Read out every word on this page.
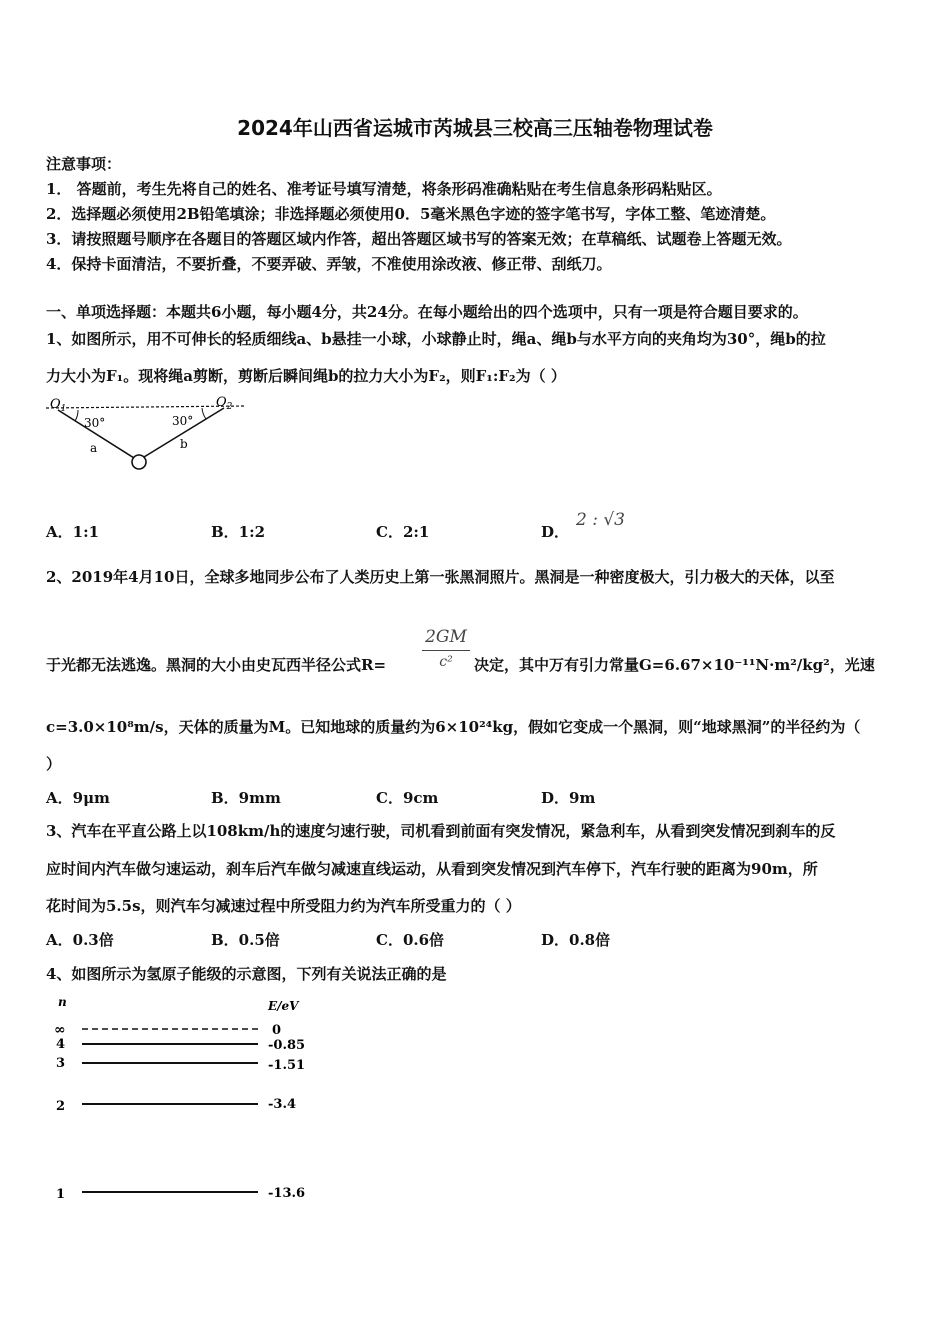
2024年山西省运城市芮城县三校高三压轴卷物理试卷
注意事项：
1． 答题前，考生先将自己的姓名、准考证号填写清楚，将条形码准确粘贴在考生信息条形码粘贴区。
2．选择题必须使用2B铅笔填涂；非选择题必须使用0．5毫米黑色字迹的签字笔书写，字体工整、笔迹清楚。
3．请按照题号顺序在各题目的答题区域内作答，超出答题区域书写的答案无效；在草稿纸、试题卷上答题无效。
4．保持卡面清洁，不要折叠，不要弄破、弄皱，不准使用涂改液、修正带、刮纸刀。
一、单项选择题：本题共6小题，每小题4分，共24分。在每小题给出的四个选项中，只有一项是符合题目要求的。
1、如图所示，用不可伸长的轻质细线a、b悬挂一小球，小球静止时，绳a、绳b与水平方向的夹角均为30°，绳b的拉
力大小为F₁。现将绳a剪断，剪断后瞬间绳b的拉力大小为F₂，则F₁:F₂为（ ）
$O_1$	$O_2$
30°	30°
a	b
A．1:1	B．1:2	C．2:1	D．
2 : √3
2、2019年4月10日，全球多地同步公布了人类历史上第一张黑洞照片。黑洞是一种密度极大，引力极大的天体，以至
于光都无法逃逸。黑洞的大小由史瓦西半径公式R=
2GM
c²	决定，其中万有引力常量G=6.67×10⁻¹¹N·m²/kg²，光速
c=3.0×10⁸m/s，天体的质量为M。已知地球的质量约为6×10²⁴kg，假如它变成一个黑洞，则“地球黑洞”的半径约为（
）
A．9μm	B．9mm	C．9cm	D．9m
3、汽车在平直公路上以108km/h的速度匀速行驶，司机看到前面有突发情况，紧急利车，从看到突发情况到刹车的反
应时间内汽车做匀速运动，刹车后汽车做匀减速直线运动，从看到突发情况到汽车停下，汽车行驶的距离为90m，所
花时间为5.5s，则汽车匀减速过程中所受阻力约为汽车所受重力的（ ）
A．0.3倍	B．0.5倍	C．0.6倍	D．0.8倍
4、如图所示为氢原子能级的示意图，下列有关说法正确的是
n	E/eV
∞	0
4	-0.85
3	-1.51
2	-3.4
1	-13.6
